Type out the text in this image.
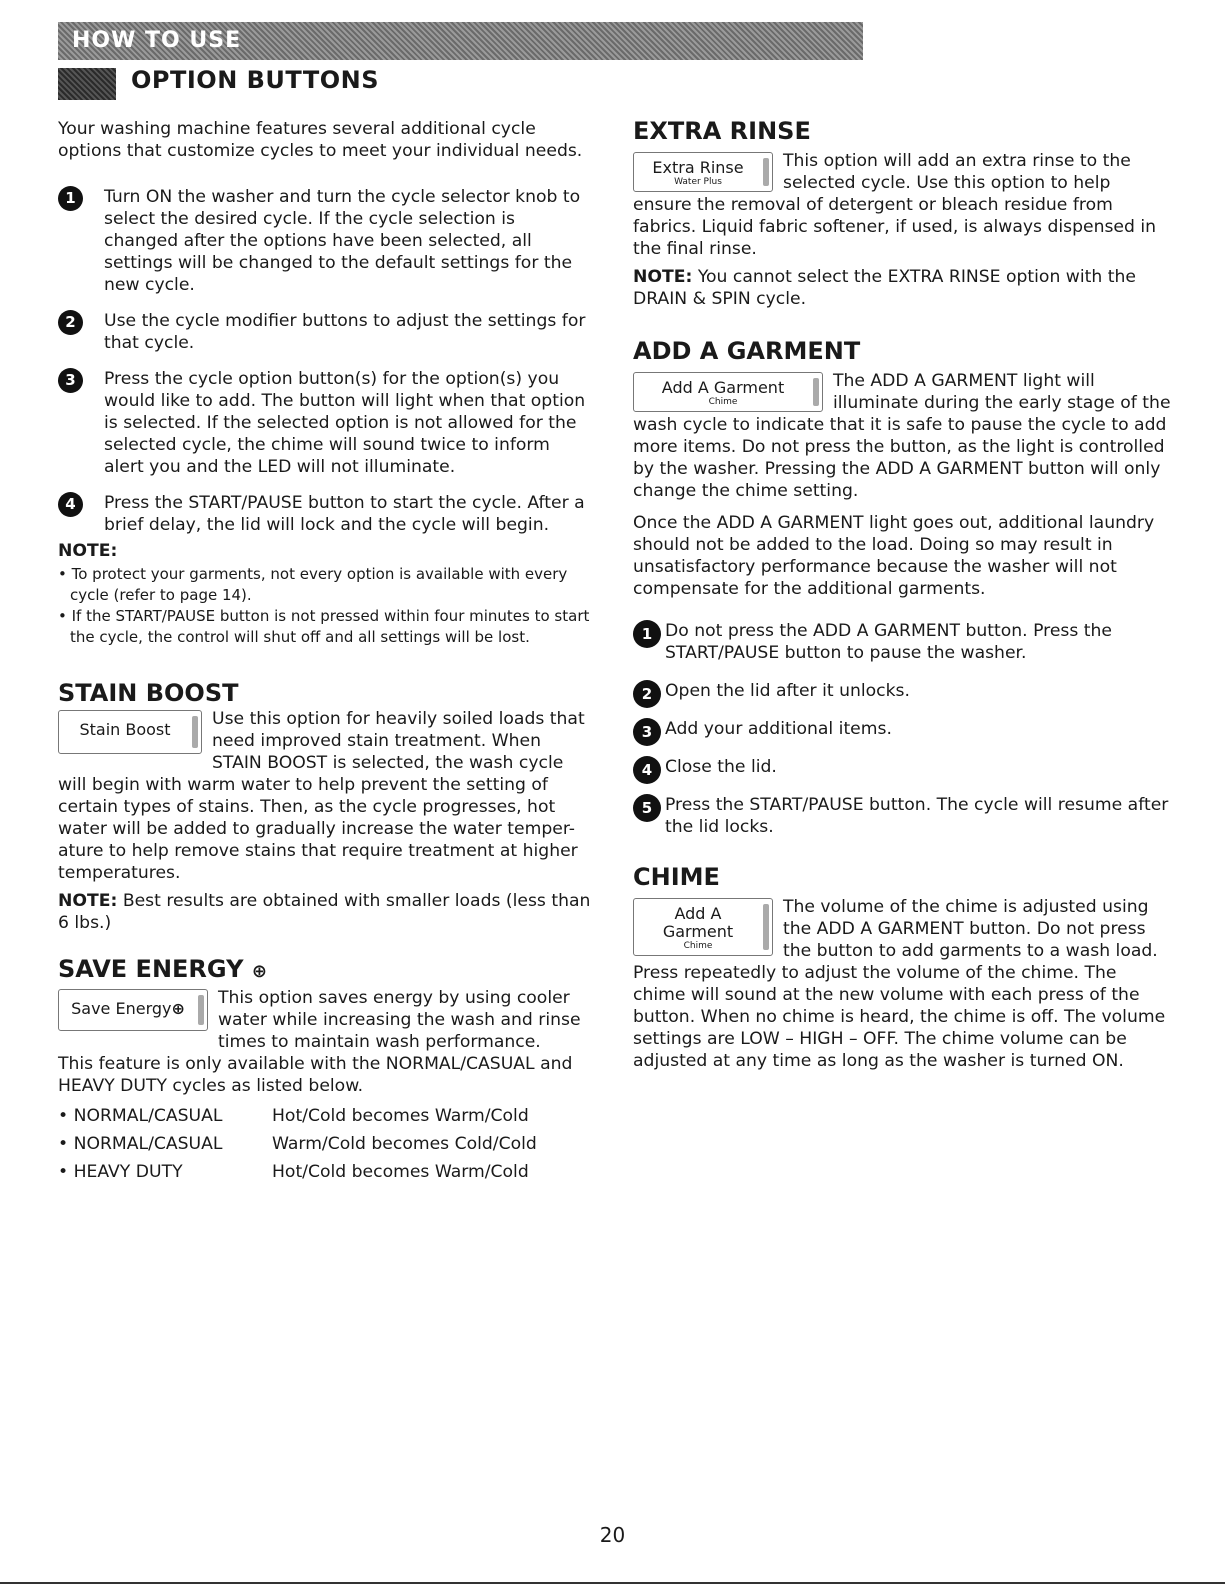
HOW TO USE
OPTION BUTTONS

Your washing machine features several additional cycle options that customize cycles to meet your individual needs.

1	Turn ON the washer and turn the cycle selector knob to select the desired cycle. If the cycle selection is changed after the options have been selected, all settings will be changed to the default settings for the new cycle.

2	Use the cycle modifier buttons to adjust the settings for that cycle.

3	Press the cycle option button(s) for the option(s) you would like to add. The button will light when that option is selected. If the selected option is not allowed for the selected cycle, the chime will sound twice to inform alert you and the LED will not illuminate.

4	Press the START/PAUSE button to start the cycle. After a brief delay, the lid will lock and the cycle will begin.

NOTE:

• To protect your garments, not every option is available with every cycle (refer to page 14).

• If the START/PAUSE button is not pressed within four minutes to start the cycle, the control will shut off and all settings will be lost.

STAIN BOOST
Stain Boost

Use this option for heavily soiled loads that need improved stain treatment. When STAIN BOOST is selected, the wash cycle will begin with warm water to help prevent the setting of certain types of stains. Then, as the cycle progresses, hot water will be added to gradually increase the water temper-ature to help remove stains that require treatment at higher temperatures.

NOTE: Best results are obtained with smaller loads (less than 6 lbs.)

SAVE ENERGY ⊕
Save Energy⊕

This option saves energy by using cooler water while increasing the wash and rinse times to maintain wash performance.

This feature is only available with the NORMAL/CASUAL and HEAVY DUTY cycles as listed below.

• NORMAL/CASUAL	Hot/Cold becomes Warm/Cold
• NORMAL/CASUAL	Warm/Cold becomes Cold/Cold
• HEAVY DUTY	Hot/Cold becomes Warm/Cold
EXTRA RINSE
Extra Rinse
Water Plus

This option will add an extra rinse to the selected cycle. Use this option to help ensure the removal of detergent or bleach residue from fabrics. Liquid fabric softener, if used, is always dispensed in the final rinse.

NOTE: You cannot select the EXTRA RINSE option with the DRAIN & SPIN cycle.

ADD A GARMENT
Add A Garment
Chime

The ADD A GARMENT light will illuminate during the early stage of the wash cycle to indicate that it is safe to pause the cycle to add more items. Do not press the button, as the light is controlled by the washer. Pressing the ADD A GARMENT button will only change the chime setting.

Once the ADD A GARMENT light goes out, additional laundry should not be added to the load. Doing so may result in unsatisfactory performance because the washer will not compensate for the additional garments.

1 Do not press the ADD A GARMENT button. Press the START/PAUSE button to pause the washer.

2 Open the lid after it unlocks.

3 Add your additional items.

4 Close the lid.

5 Press the START/PAUSE button. The cycle will resume after the lid locks.

CHIME
Add A Garment
Chime

The volume of the chime is adjusted using the ADD A GARMENT button. Do not press the button to add garments to a wash load. Press repeatedly to adjust the volume of the chime. The chime will sound at the new volume with each press of the button. When no chime is heard, the chime is off. The volume settings are LOW – HIGH – OFF. The chime volume can be adjusted at any time as long as the washer is turned ON.

20
